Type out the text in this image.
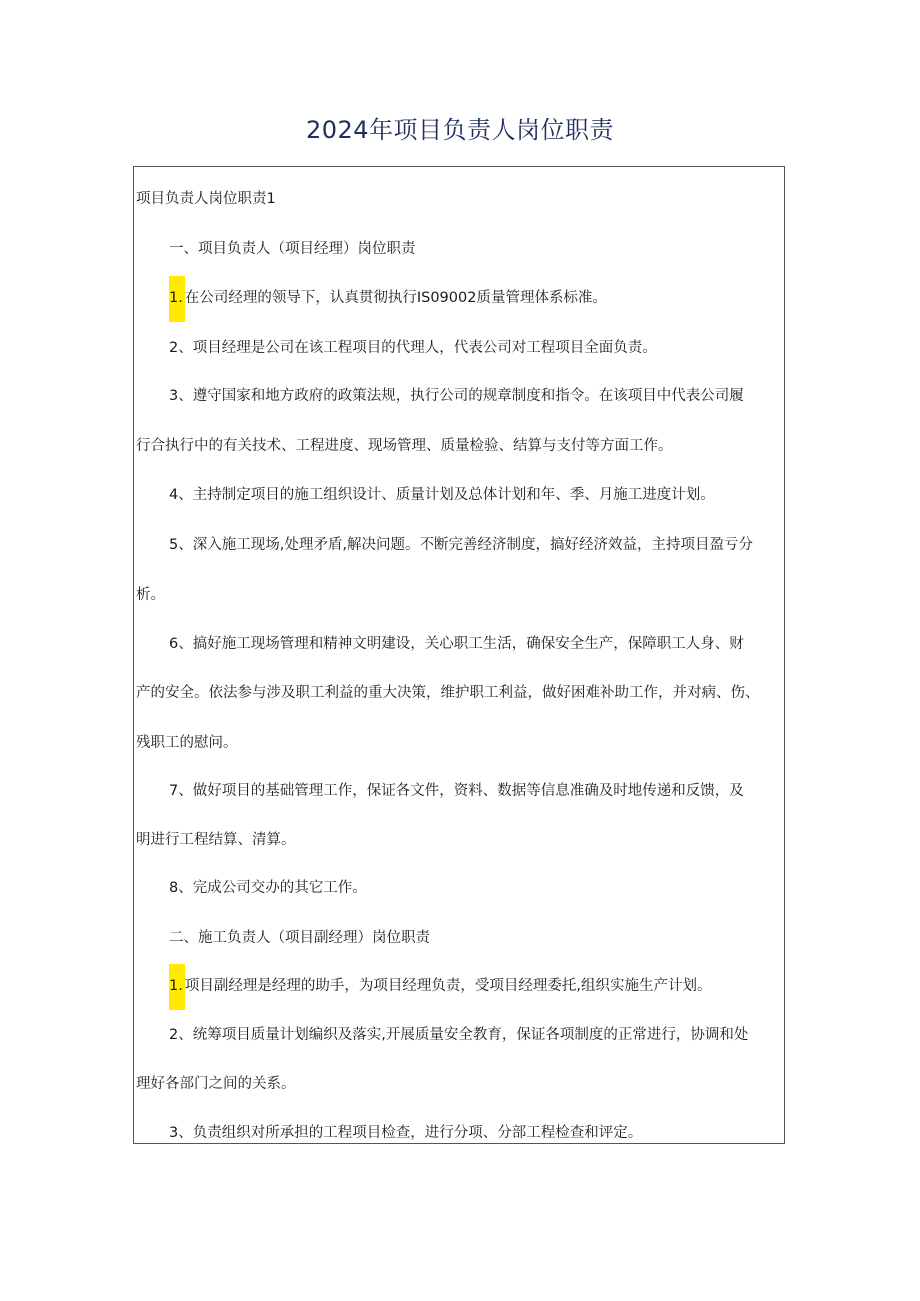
2024年项目负责人岗位职责
项目负责人岗位职责1
一、项目负责人（项目经理）岗位职责
1. 在公司经理的领导下，认真贯彻执行IS09002质量管理体系标准。
2、项目经理是公司在该工程项目的代理人，代表公司对工程项目全面负责。
3、遵守国家和地方政府的政策法规，执行公司的规章制度和指令。在该项目中代表公司履
行合执行中的有关技术、工程进度、现场管理、质量检验、结算与支付等方面工作。
4、主持制定项目的施工组织设计、质量计划及总体计划和年、季、月施工进度计划。
5、深入施工现场,处理矛盾,解决问题。不断完善经济制度，搞好经济效益，主持项目盈亏分
析。
6、搞好施工现场管理和精神文明建设，关心职工生活，确保安全生产，保障职工人身、财
产的安全。依法参与涉及职工利益的重大决策，维护职工利益，做好困难补助工作，并对病、伤、
残职工的慰问。
7、做好项目的基础管理工作，保证各文件，资料、数据等信息准确及时地传递和反馈，及
明进行工程结算、清算。
8、完成公司交办的其它工作。
二、施工负责人（项目副经理）岗位职责
1. 项目副经理是经理的助手，为项目经理负责，受项目经理委托,组织实施生产计划。
2、统筹项目质量计划编织及落实,开展质量安全教育，保证各项制度的正常进行，协调和处
理好各部门之间的关系。
3、负责组织对所承担的工程项目检查，进行分项、分部工程检查和评定。
